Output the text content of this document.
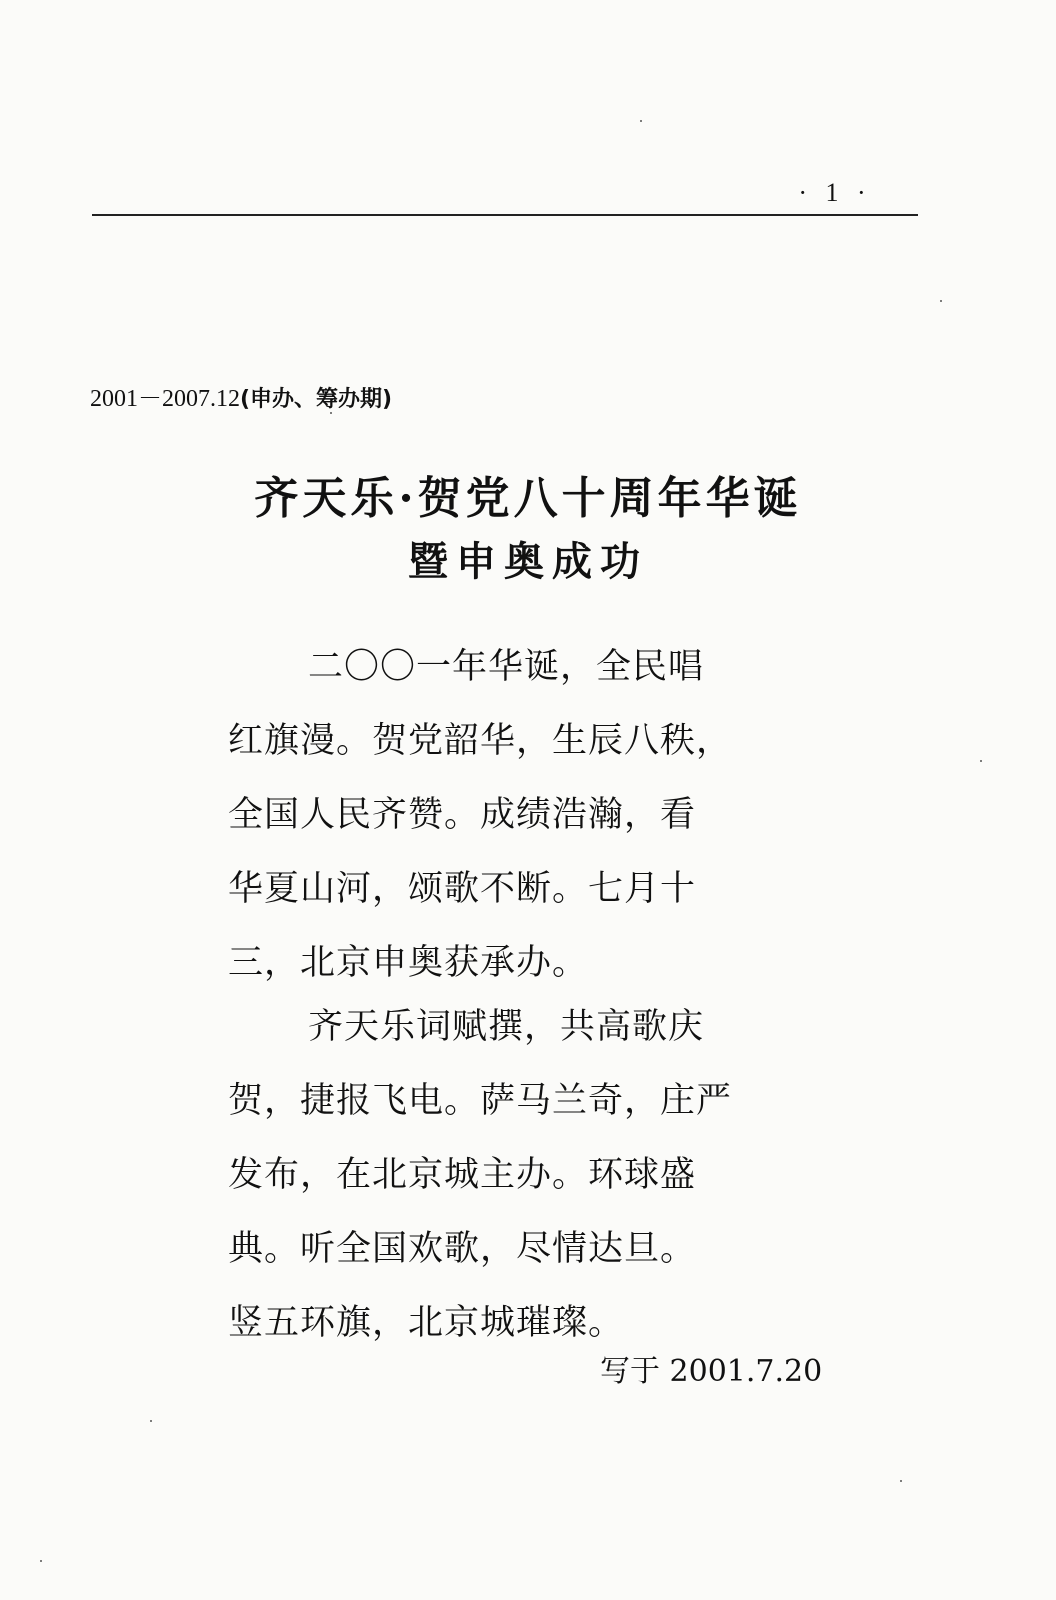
· 1 ·
2001－2007.12(申办、筹办期)
齐天乐·贺党八十周年华诞
暨申奥成功
二〇〇一年华诞，全民唱
红旗漫。贺党韶华，生辰八秩，
全国人民齐赞。成绩浩瀚，看
华夏山河，颂歌不断。七月十
三，北京申奥获承办。
齐天乐词赋撰，共高歌庆
贺，捷报飞电。萨马兰奇，庄严
发布，在北京城主办。环球盛
典。听全国欢歌，尽情达旦。
竖五环旗，北京城璀璨。
写于 2001.7.20
